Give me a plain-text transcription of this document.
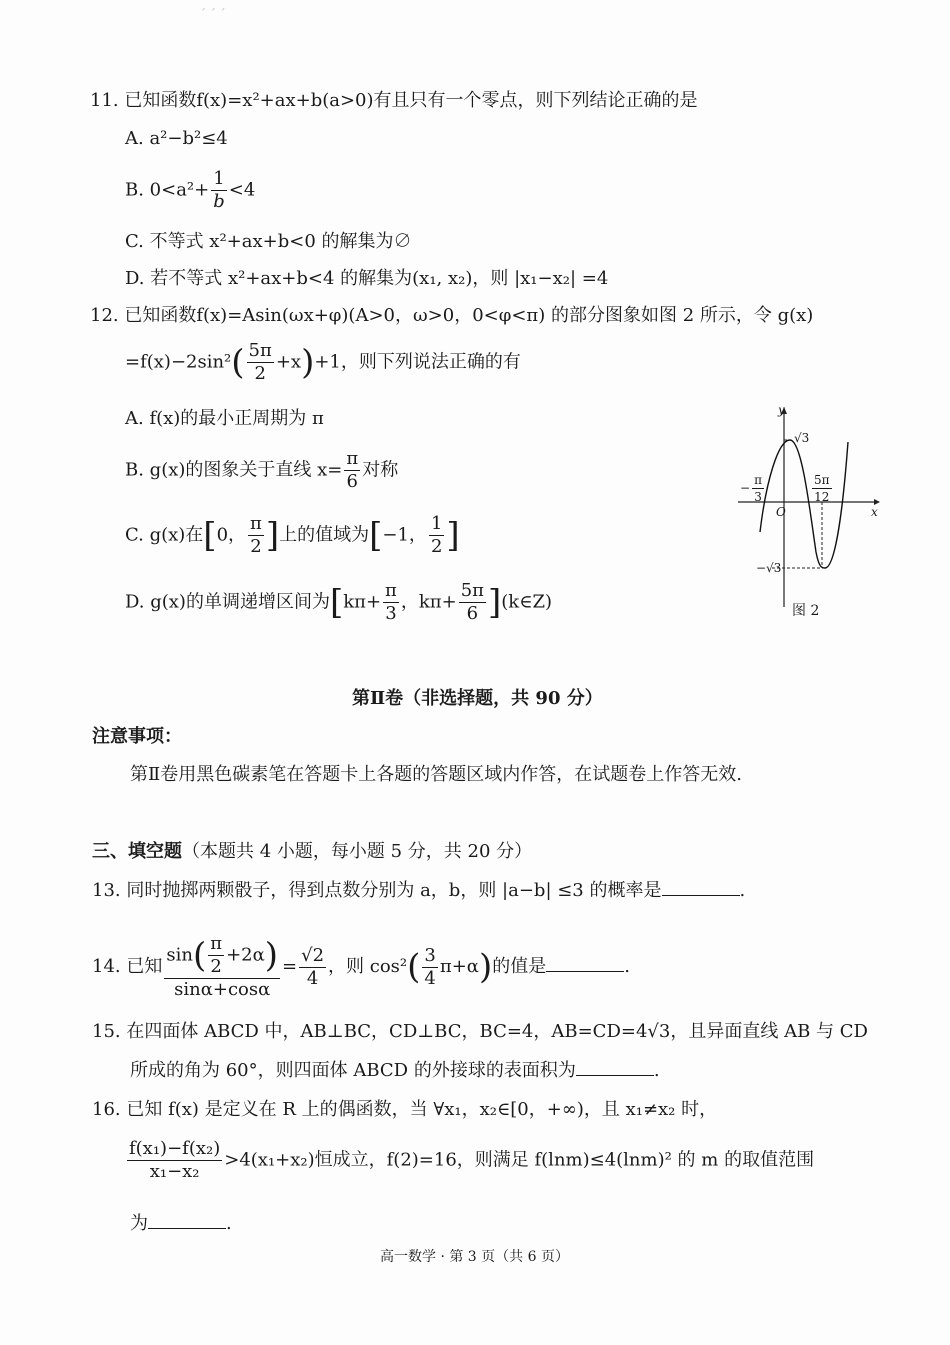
ˊ ˊ ˊ
11. 已知函数f(x)=x²+ax+b(a>0)有且只有一个零点，则下列结论正确的是
A. a²−b²≤4
B. $0<a^2+ \frac{1}{b} <4$
C. 不等式 x²+ax+b<0 的解集为∅
D. 若不等式 x²+ax+b<4 的解集为(x₁, x₂)，则 |x₁−x₂| =4
12. 已知函数f(x)=Asin(ωx+φ)(A>0，ω>0，0<φ<π) 的部分图象如图 2 所示，令 g(x)
$=f(x)-2\sin^2( \frac{5\pi}{2} +x)+1$，则下列说法正确的有
A. f(x)的最小正周期为 π
B. g(x)的图象关于直线 $x= \frac{\pi}{6}$ 对称
C. g(x)在[0， $\frac{\pi}{2}$ ]上的值域为[−1， $\frac{1}{2}$ ]
D. g(x)的单调递增区间为[$k\pi+ \frac{\pi}{3}$ ，$k\pi+ \frac{5\pi}{6}$ ](k∈Z)
y
x
O
√3
−√3
− $\frac{\pi}{3}$	$\frac{5\pi}{12}$
图 2
第Ⅱ卷（非选择题，共 90 分）
注意事项：
第Ⅱ卷用黑色碳素笔在答题卡上各题的答题区域内作答，在试题卷上作答无效.
三、填空题（本题共 4 小题，每小题 5 分，共 20 分）
13. 同时抛掷两颗骰子，得到点数分别为 a，b，则 |a−b| ≤3 的概率是	.
14. 已知 $\frac{\sin( \frac{\pi}{2} +2\alpha)}{\sin\alpha+\cos\alpha} = \frac{√2}{4}$ ，则 $\cos^2( \frac{3}{4} \pi+\alpha)$的值是	.
15. 在四面体 ABCD 中，AB⊥BC，CD⊥BC，BC=4，AB=CD=4√3，且异面直线 AB 与 CD
所成的角为 60°，则四面体 ABCD 的外接球的表面积为	.
16. 已知 f(x) 是定义在 R 上的偶函数，当 ∀x₁，x₂∈[0，+∞)，且 x₁≠x₂ 时，
$\frac{\text{f(x₁)−f(x₂)}}{\text{x₁−x₂}} >4(x_1+x_2)$恒成立，f(2)=16，则满足 f(lnm)≤4(lnm)² 的 m 的取值范围
为	.
高一数学 · 第 3 页（共 6 页）
